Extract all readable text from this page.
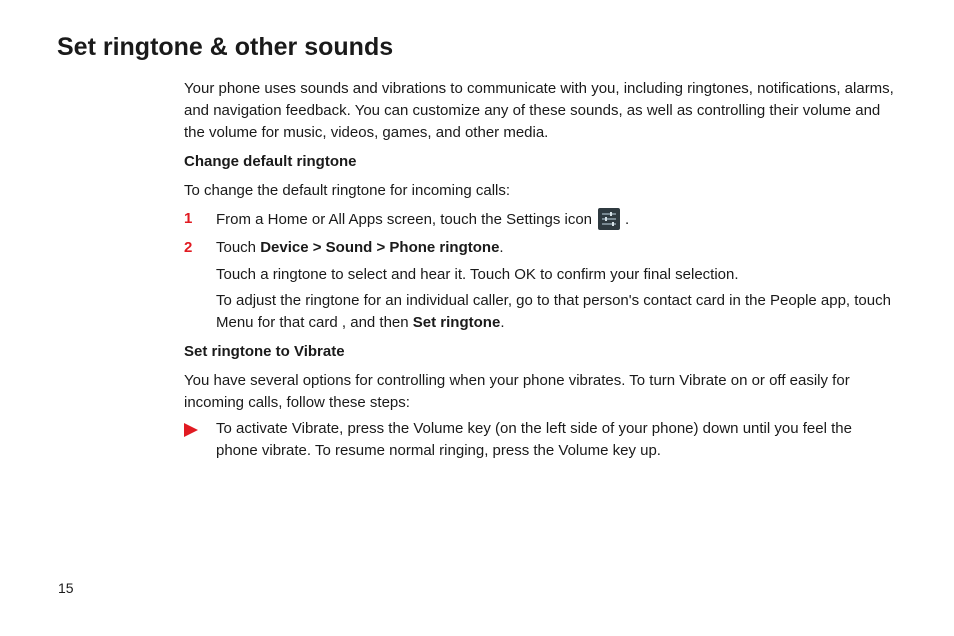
Set ringtone & other sounds

Your phone uses sounds and vibrations to communicate with you, including ringtones, notifications, alarms, and navigation feedback. You can customize any of these sounds, as well as controlling their volume and the volume for music, videos, games, and other media.

Change default ringtone
To change the default ringtone for incoming calls:
1	From a Home or All Apps screen, touch the Settings icon .
2	Touch Device > Sound > Phone ringtone.

Touch a ringtone to select and hear it. Touch OK to confirm your final selection.

To adjust the ringtone for an individual caller, go to that person's contact card in the People app, touch Menu for that card , and then Set ringtone.

Set ringtone to Vibrate

You have several options for controlling when your phone vibrates. To turn Vibrate on or off easily for incoming calls, follow these steps:

To activate Vibrate, press the Volume key (on the left side of your phone) down until you feel the phone vibrate. To resume normal ringing, press the Volume key up.
15
